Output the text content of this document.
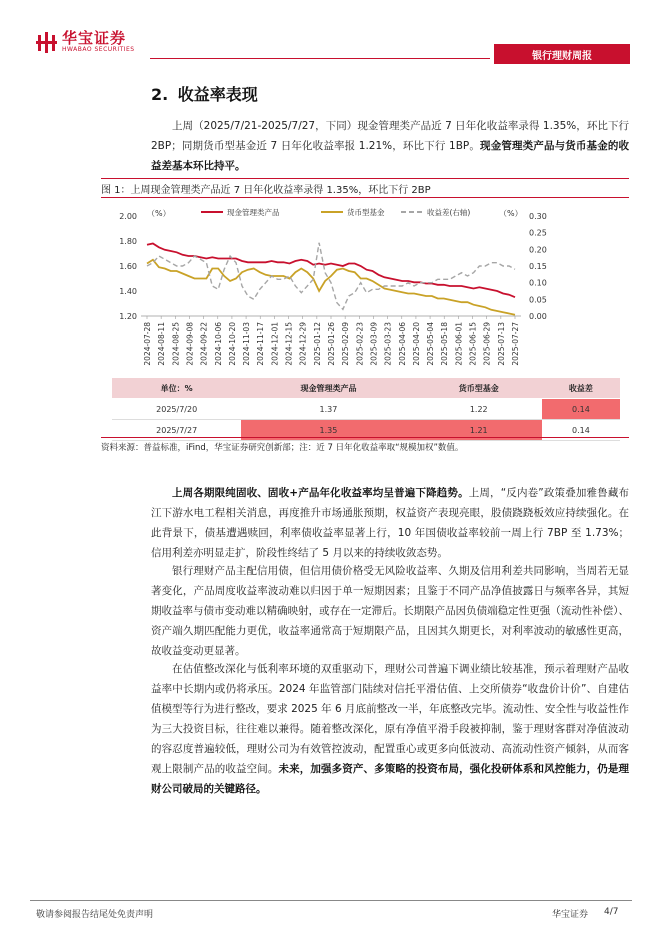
华宝证券
HWABAO SECURITIES
银行理财周报
2. 收益率表现

上周（2025/7/21-2025/7/27，下同）现金管理类产品近 7 日年化收益率录得 1.35%，环比下行 2BP；同期货币型基金近 7 日年化收益率报 1.21%，环比下行 1BP。现金管理类产品与货币基金的收益差基本环比持平。

图 1：上周现金管理类产品近 7 日年化收益率录得 1.35%，环比下行 2BP
2.00
1.80
1.60
1.40
1.20
0.30
0.25
0.20
0.15
0.10
0.05
0.00
（%）	（%）
2024-07-28 2024-08-11 2024-08-25 2024-09-08 2024-09-22 2024-10-06 2024-10-20 2024-11-03 2024-11-17 2024-12-01 2024-12-15 2024-12-29 2025-01-12 2025-01-26 2025-02-09 2025-02-23 2025-03-09 2025-03-23 2025-04-06 2025-04-20 2025-05-04 2025-05-18 2025-06-01 2025-06-15 2025-06-29 2025-07-13 2025-07-27
现金管理类产品	货币型基金	收益差(右轴)
单位：%	现金管理类产品	货币型基金	收益差
2025/7/20	1.37	1.22	0.14
2025/7/27	1.35	1.21	0.14
资料来源：普益标准，iFind，华宝证券研究创新部；注：近 7 日年化收益率取“规模加权”数值。

上周各期限纯固收、固收+产品年化收益率均呈普遍下降趋势。上周，“反内卷”政策叠加雅鲁藏布江下游水电工程相关消息，再度推升市场通胀预期，权益资产表现亮眼，股债跷跷板效应持续强化。在此背景下，债基遭遇赎回，利率债收益率显著上行，10 年国债收益率较前一周上行 7BP 至 1.73%；信用利差亦明显走扩，阶段性终结了 5 月以来的持续收敛态势。

银行理财产品主配信用债，但信用债价格受无风险收益率、久期及信用利差共同影响，当周若无显著变化，产品周度收益率波动难以归因于单一短期因素；且鉴于不同产品净值披露日与频率各异，其短期收益率与债市变动难以精确映射，或存在一定滞后。长期限产品因负债端稳定性更强（流动性补偿）、资产端久期匹配能力更优，收益率通常高于短期限产品，且因其久期更长，对利率波动的敏感性更高，故收益变动更显著。

在估值整改深化与低利率环境的双重驱动下，理财公司普遍下调业绩比较基准，预示着理财产品收益率中长期内或仍将承压。2024 年监管部门陆续对信托平滑估值、上交所债券“收盘价计价”、自建估值模型等行为进行整改，要求 2025 年 6 月底前整改一半，年底整改完毕。流动性、安全性与收益性作为三大投资目标，往往难以兼得。随着整改深化，原有净值平滑手段被抑制，鉴于理财客群对净值波动的容忍度普遍较低，理财公司为有效管控波动，配置重心或更多向低波动、高流动性资产倾斜，从而客观上限制产品的收益空间。未来，加强多资产、多策略的投资布局，强化投研体系和风控能力，仍是理财公司破局的关键路径。

敬请参阅报告结尾处免责声明	华宝证券 4/7
